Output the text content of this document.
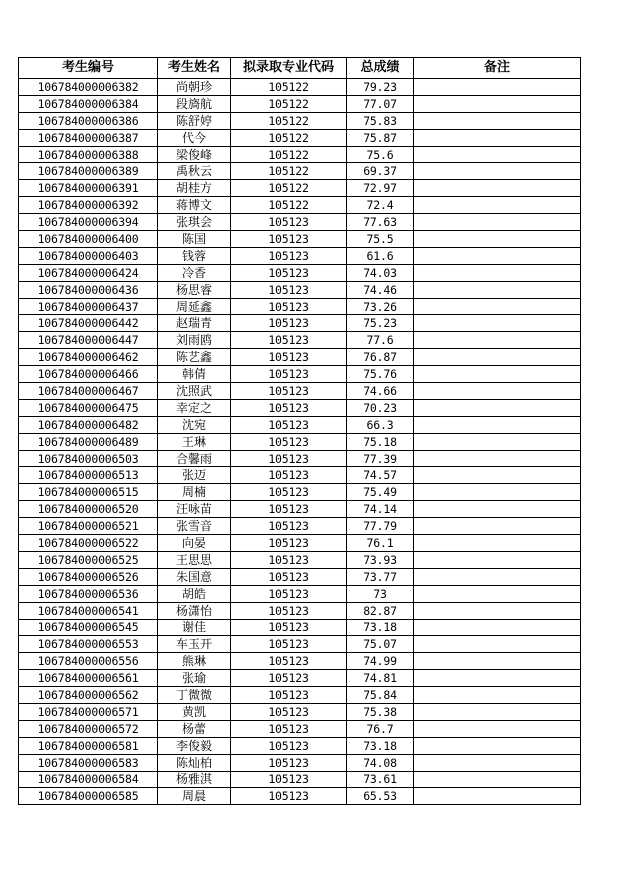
考生编号	考生姓名	拟录取专业代码	总成绩	备注
106784000006382	尚朝珍	105122	79.23	
106784000006384	段旖航	105122	77.07	
106784000006386	陈舒婷	105122	75.83	
106784000006387	代今	105122	75.87	
106784000006388	梁俊峰	105122	75.6	
106784000006389	禹秋云	105122	69.37	
106784000006391	胡桂方	105122	72.97	
106784000006392	蒋博文	105122	72.4	
106784000006394	张琪会	105123	77.63	
106784000006400	陈国	105123	75.5	
106784000006403	钱蓉	105123	61.6	
106784000006424	冷香	105123	74.03	
106784000006436	杨思睿	105123	74.46	
106784000006437	周延鑫	105123	73.26	
106784000006442	赵瑞青	105123	75.23	
106784000006447	刘雨鸥	105123	77.6	
106784000006462	陈艺鑫	105123	76.87	
106784000006466	韩倩	105123	75.76	
106784000006467	沈照武	105123	74.66	
106784000006475	幸定之	105123	70.23	
106784000006482	沈宛	105123	66.3	
106784000006489	王琳	105123	75.18	
106784000006503	合馨雨	105123	77.39	
106784000006513	张迈	105123	74.57	
106784000006515	周楠	105123	75.49	
106784000006520	汪咏苗	105123	74.14	
106784000006521	张雪音	105123	77.79	
106784000006522	向晏	105123	76.1	
106784000006525	王思思	105123	73.93	
106784000006526	朱国意	105123	73.77	
106784000006536	胡皓	105123	73	
106784000006541	杨潇怡	105123	82.87	
106784000006545	谢佳	105123	73.18	
106784000006553	车玉开	105123	75.07	
106784000006556	熊琳	105123	74.99	
106784000006561	张瑜	105123	74.81	
106784000006562	丁微微	105123	75.84	
106784000006571	黄凯	105123	75.38	
106784000006572	杨蕾	105123	76.7	
106784000006581	李俊毅	105123	73.18	
106784000006583	陈灿柏	105123	74.08	
106784000006584	杨雅淇	105123	73.61	
106784000006585	周晨	105123	65.53	
